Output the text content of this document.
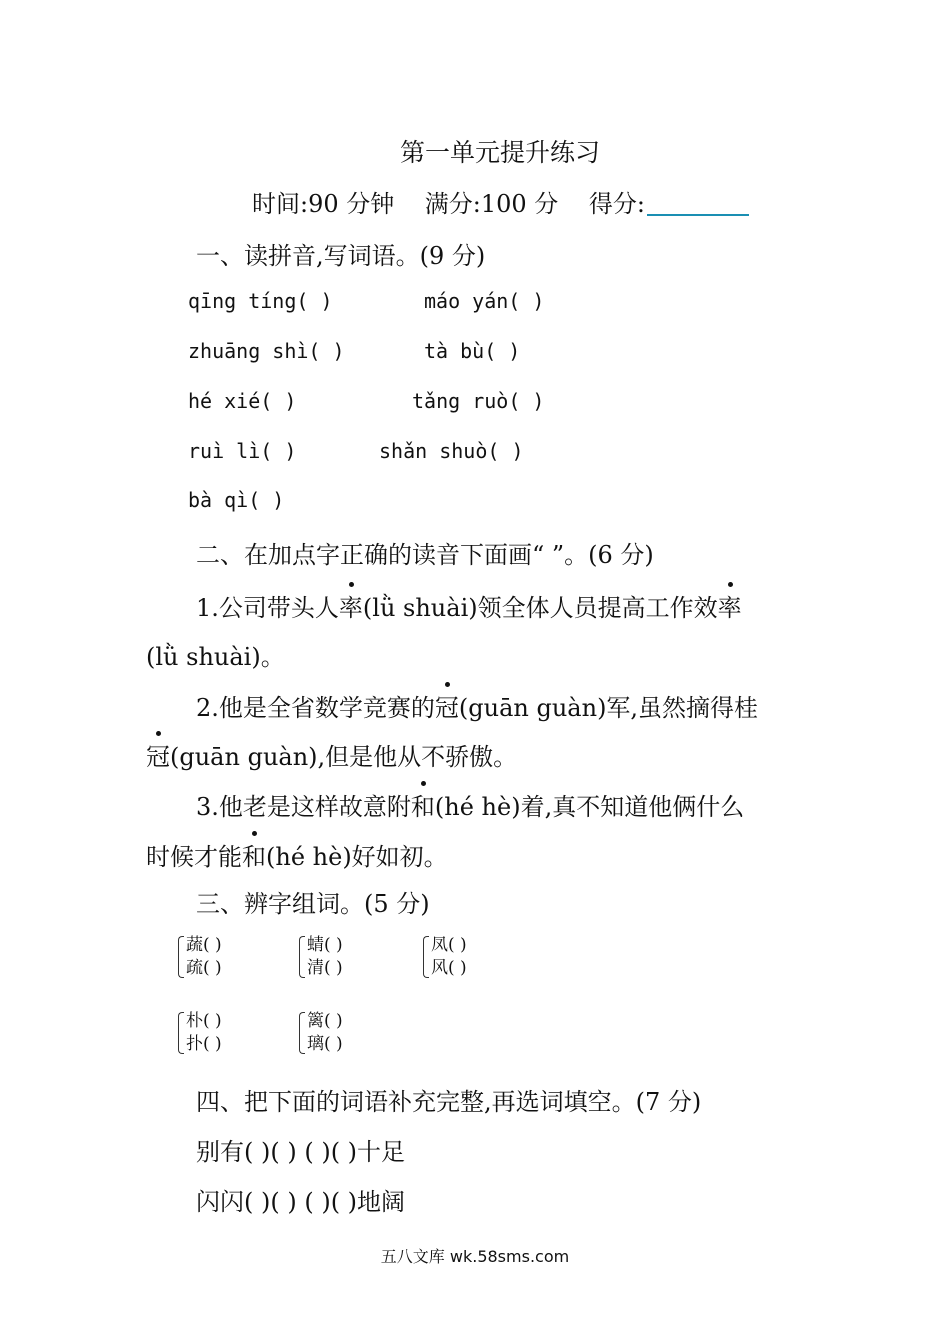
第一单元提升练习
时间:90 分钟 满分:100 分 得分:
一、读拼音,写词语。(9 分)
qīng tíng( )	máo yán( )
zhuāng shì( )	tà bù( )
hé xié( )	tǎng ruò( )
ruì lì( )	shǎn shuò( )
bà qì( )
二、在加点字正确的读音下面画“ ”。(6 分)
1.公司带头人率(lǜ shuài)领全体人员提高工作效率
(lǜ shuài)。
2.他是全省数学竞赛的冠(guān guàn)军,虽然摘得桂
冠(guān guàn),但是他从不骄傲。
3.他老是这样故意附和(hé hè)着,真不知道他俩什么
时候才能和(hé hè)好如初。
三、辨字组词。(5 分)
蔬( )
疏( )
蜻( )
清( )
凤( )
风( )
朴( )
扑( )
篱( )
璃( )
四、把下面的词语补充完整,再选词填空。(7 分)
别有( )( ) ( )( )十足
闪闪( )( ) ( )( )地阔
五八文库 wk.58sms.com
